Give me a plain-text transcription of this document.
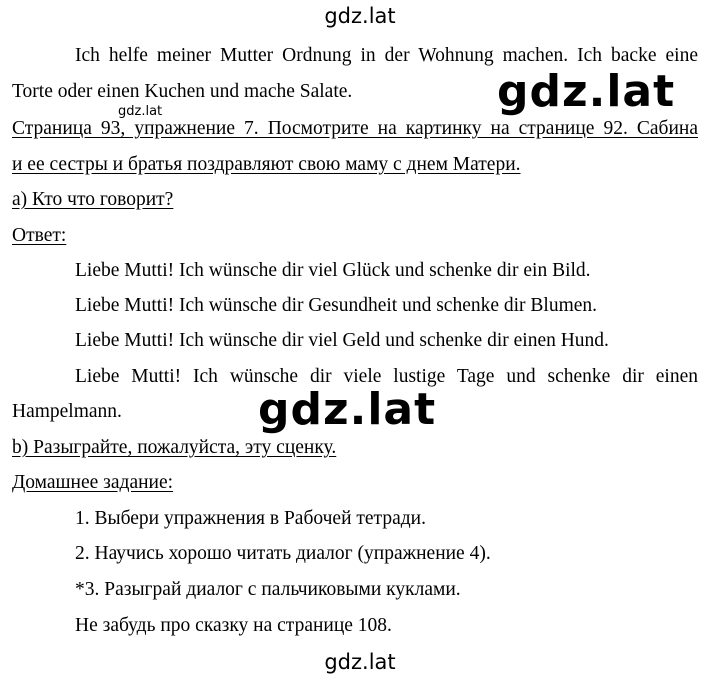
gdz.lat
Ich helfe meiner Mutter Ordnung in der Wohnung machen. Ich backe eine
Torte oder einen Kuchen und mache Salate.	gdz.lat
gdz.lat
Страница 93, упражнение 7. Посмотрите на картинку на странице 92. Сабина
и ее сестры и братья поздравляют свою маму с днем Матери.
а) Кто что говорит?
Ответ:
Liebe Mutti! Ich wünsche dir viel Glück und schenke dir ein Bild.
Liebe Mutti! Ich wünsche dir Gesundheit und schenke dir Blumen.
Liebe Mutti! Ich wünsche dir viel Geld und schenke dir einen Hund.
Liebe Mutti! Ich wünsche dir viele lustige Tage und schenke dir einen
Hampelmann.	gdz.lat
b) Разыграйте, пожалуйста, эту сценку.
Домашнее задание:
1. Выбери упражнения в Рабочей тетради.
2. Научись хорошо читать диалог (упражнение 4).
*3. Разыграй диалог с пальчиковыми куклами.
Не забудь про сказку на странице 108.
gdz.lat
